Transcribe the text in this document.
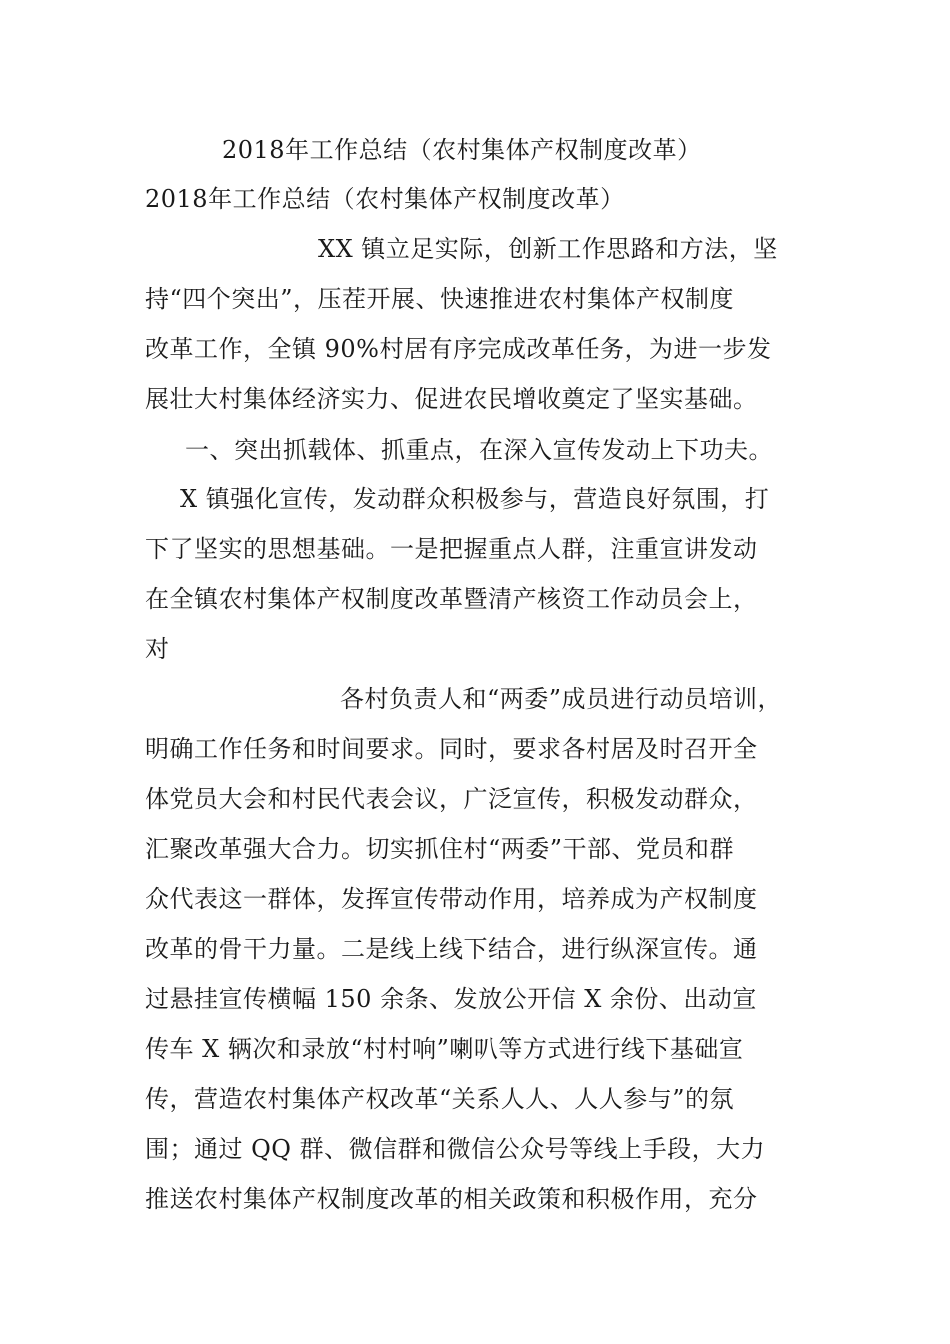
2018年工作总结（农村集体产权制度改革）
2018年工作总结（农村集体产权制度改革）
XX 镇立足实际，创新工作思路和方法，坚
持“四个突出”，压茬开展、快速推进农村集体产权制度
改革工作，全镇 90%村居有序完成改革任务，为进一步发
展壮大村集体经济实力、促进农民增收奠定了坚实基础。
一、突出抓载体、抓重点，在深入宣传发动上下功夫。
X 镇强化宣传，发动群众积极参与，营造良好氛围，打
下了坚实的思想基础。一是把握重点人群，注重宣讲发动
在全镇农村集体产权制度改革暨清产核资工作动员会上，
对
各村负责人和“两委”成员进行动员培训，
明确工作任务和时间要求。同时，要求各村居及时召开全
体党员大会和村民代表会议，广泛宣传，积极发动群众，
汇聚改革强大合力。切实抓住村“两委”干部、党员和群
众代表这一群体，发挥宣传带动作用，培养成为产权制度
改革的骨干力量。二是线上线下结合，进行纵深宣传。通
过悬挂宣传横幅 150 余条、发放公开信 X 余份、出动宣
传车 X 辆次和录放“村村响”喇叭等方式进行线下基础宣
传，营造农村集体产权改革“关系人人、人人参与”的氛
围；通过 QQ 群、微信群和微信公众号等线上手段，大力
推送农村集体产权制度改革的相关政策和积极作用，充分
